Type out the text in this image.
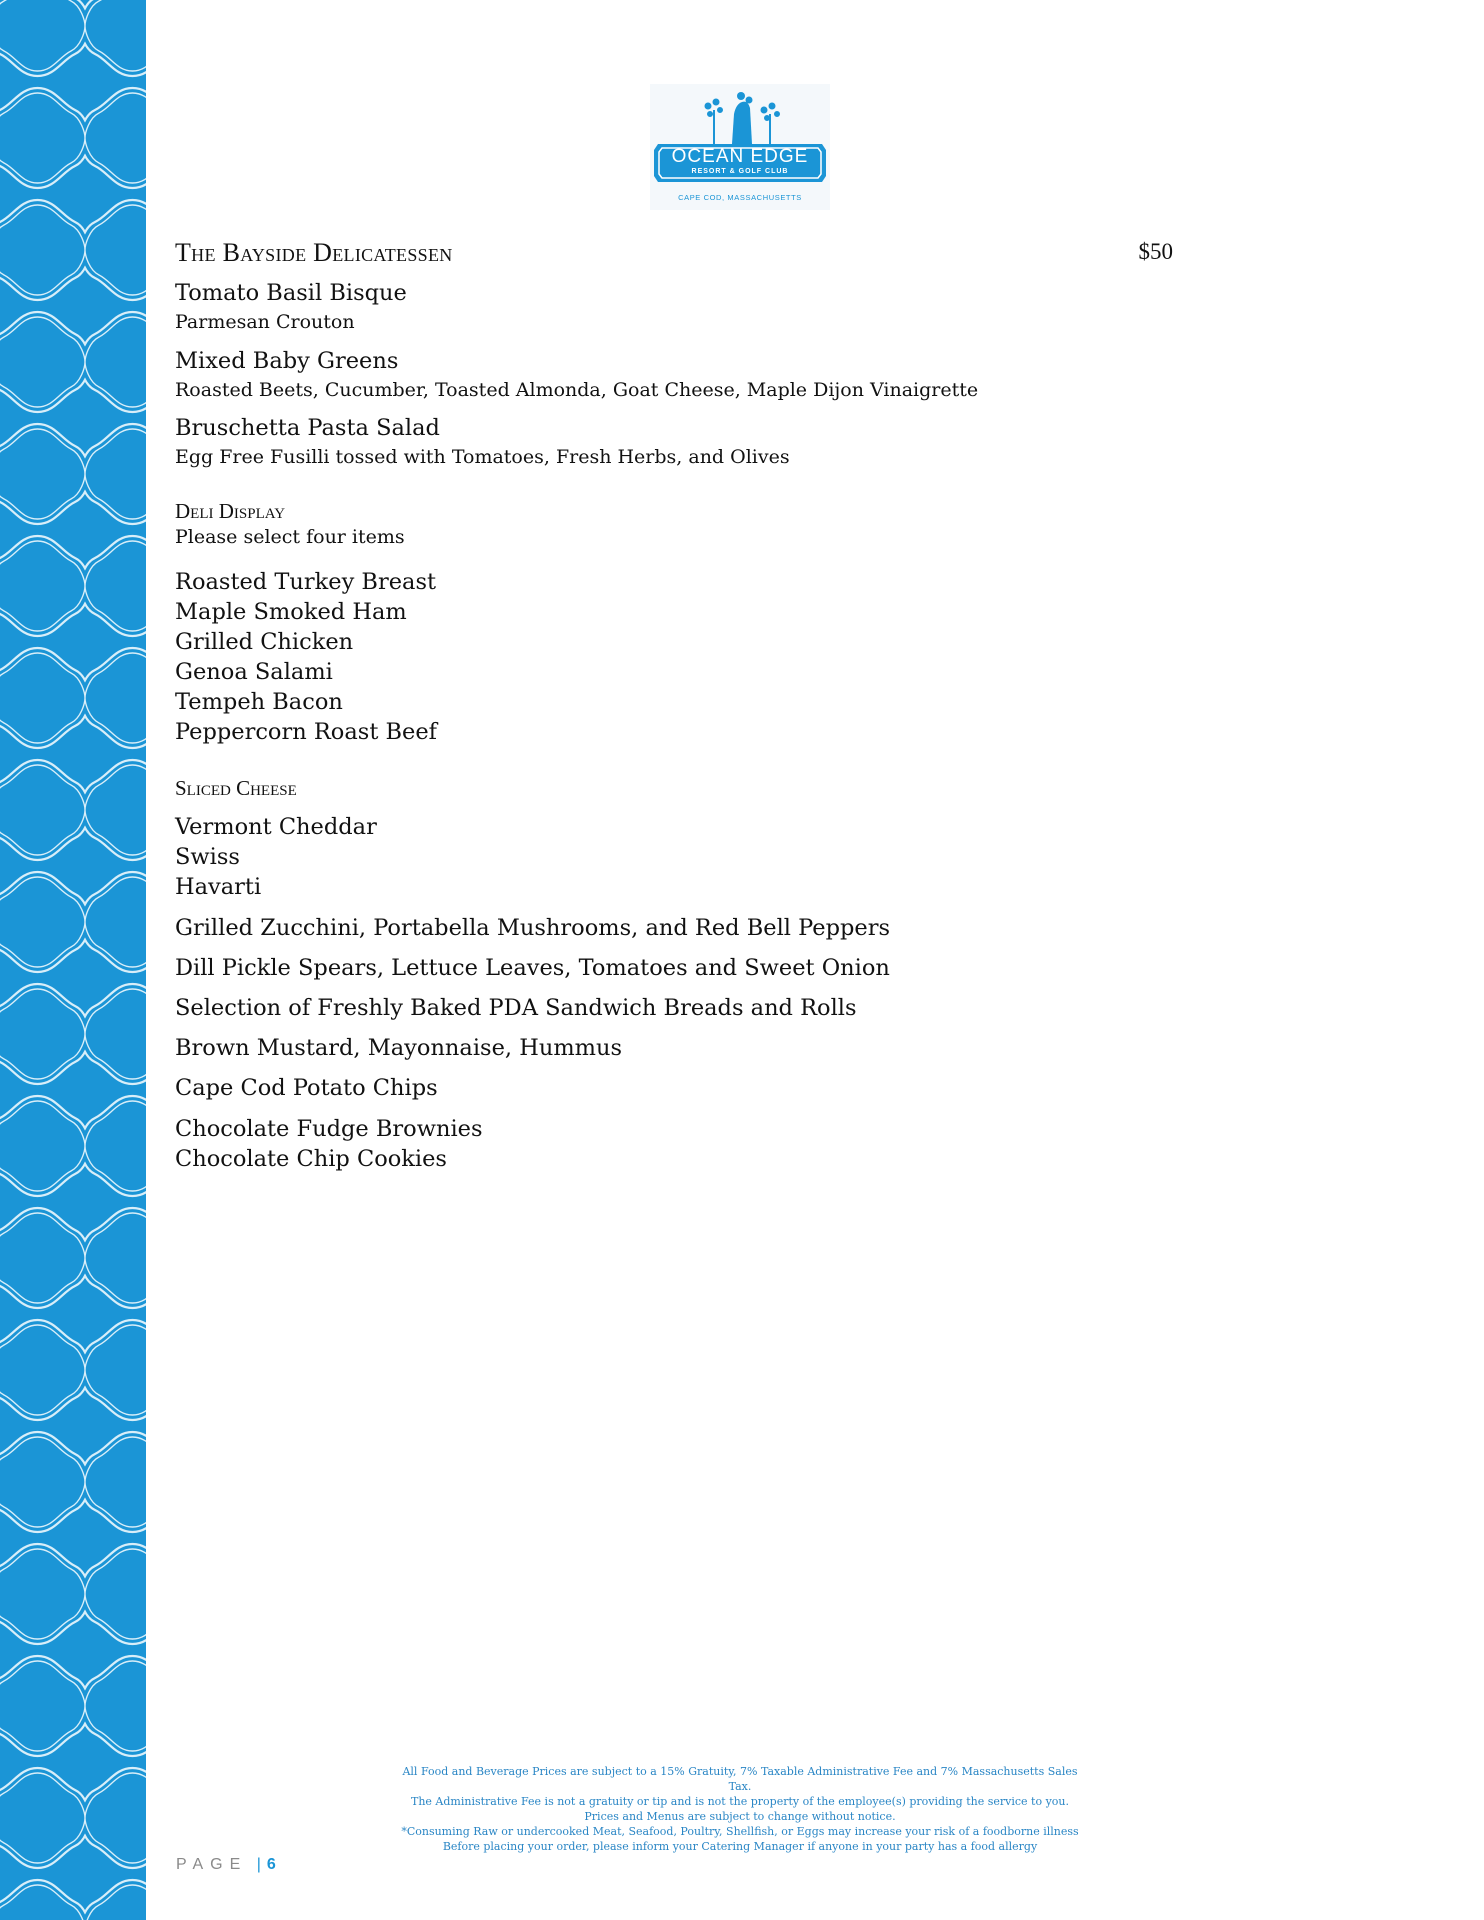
OCEAN EDGE
RESORT & GOLF CLUB
CAPE COD, MASSACHUSETTS
The Bayside Delicatessen	$50
Tomato Basil Bisque
Parmesan Crouton
Mixed Baby Greens
Roasted Beets, Cucumber, Toasted Almonda, Goat Cheese, Maple Dijon Vinaigrette
Bruschetta Pasta Salad
Egg Free Fusilli tossed with Tomatoes, Fresh Herbs, and Olives
Deli Display
Please select four items
Roasted Turkey Breast
Maple Smoked Ham
Grilled Chicken
Genoa Salami
Tempeh Bacon
Peppercorn Roast Beef
Sliced Cheese
Vermont Cheddar
Swiss
Havarti
Grilled Zucchini, Portabella Mushrooms, and Red Bell Peppers
Dill Pickle Spears, Lettuce Leaves, Tomatoes and Sweet Onion
Selection of Freshly Baked PDA Sandwich Breads and Rolls
Brown Mustard, Mayonnaise, Hummus
Cape Cod Potato Chips
Chocolate Fudge Brownies
Chocolate Chip Cookies
All Food and Beverage Prices are subject to a 15% Gratuity, 7% Taxable Administrative Fee and 7% Massachusetts Sales Tax.
The Administrative Fee is not a gratuity or tip and is not the property of the employee(s) providing the service to you.
Prices and Menus are subject to change without notice.
*Consuming Raw or undercooked Meat, Seafood, Poultry, Shellfish, or Eggs may increase your risk of a foodborne illness
Before placing your order, please inform your Catering Manager if anyone in your party has a food allergy
PAGE | 6
